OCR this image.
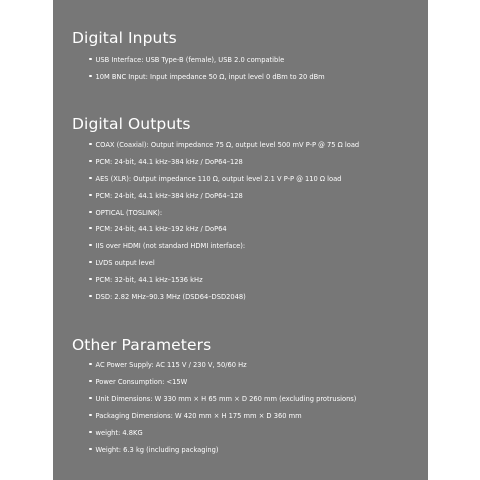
Digital Inputs
USB Interface: USB Type-B (female), USB 2.0 compatible
10M BNC Input: Input impedance 50 Ω, input level 0 dBm to 20 dBm
Digital Outputs
COAX (Coaxial): Output impedance 75 Ω, output level 500 mV P-P @ 75 Ω load
PCM: 24-bit, 44.1 kHz–384 kHz / DoP64–128
AES (XLR): Output impedance 110 Ω, output level 2.1 V P-P @ 110 Ω load
PCM: 24-bit, 44.1 kHz–384 kHz / DoP64–128
OPTICAL (TOSLINK):
PCM: 24-bit, 44.1 kHz–192 kHz / DoP64
IIS over HDMI (not standard HDMI interface):
LVDS output level
PCM: 32-bit, 44.1 kHz–1536 kHz
DSD: 2.82 MHz–90.3 MHz (DSD64–DSD2048)
Other Parameters
AC Power Supply: AC 115 V / 230 V, 50/60 Hz
Power Consumption: <15W
Unit Dimensions: W 330 mm × H 65 mm × D 260 mm (excluding protrusions)
Packaging Dimensions: W 420 mm × H 175 mm × D 360 mm
weight: 4.8KG
Weight: 6.3 kg (including packaging)
